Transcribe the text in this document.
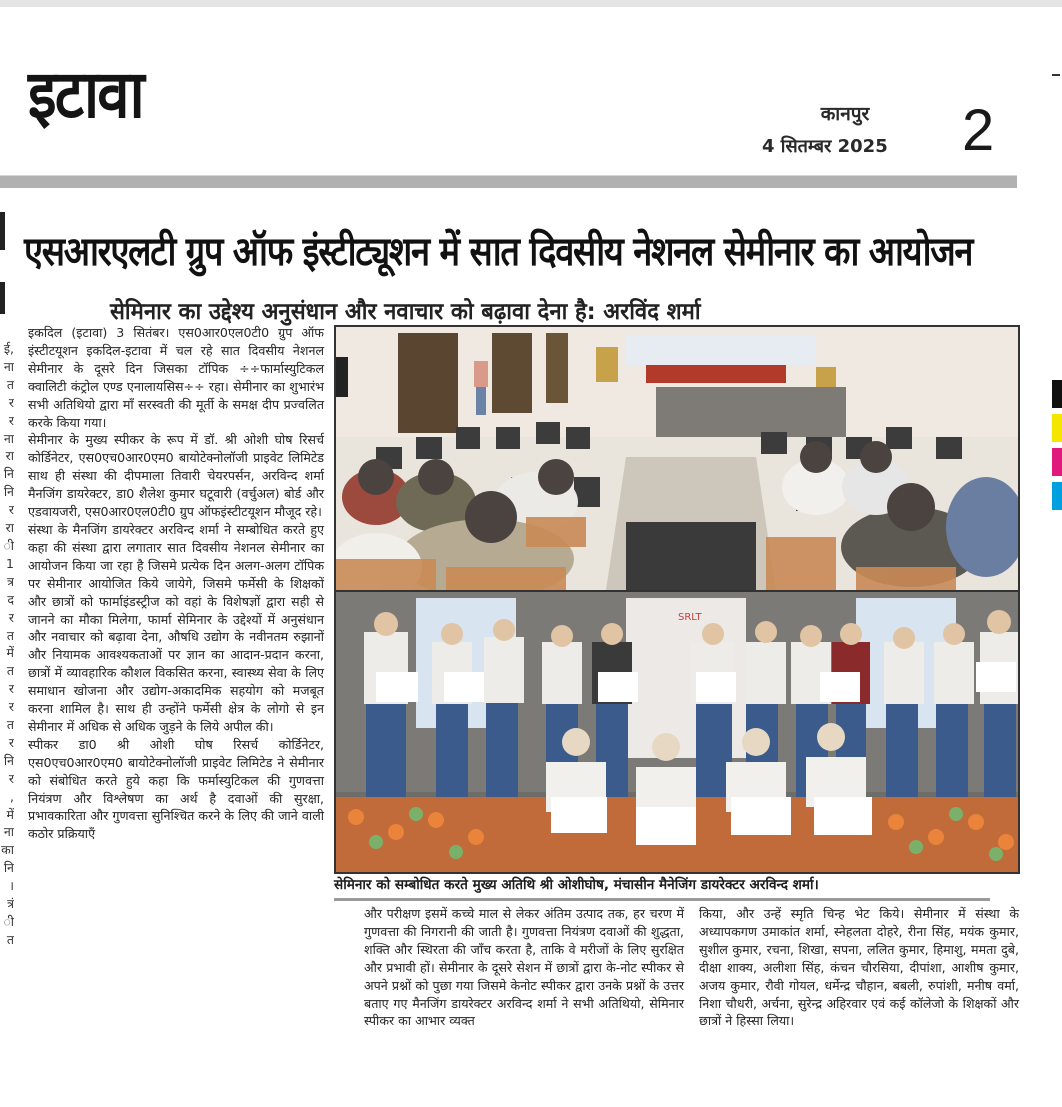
इटावा	कानपुर
4 सितम्बर 2025 2
ई,
ना
त
र
र
ना
रा
नि
नि
र
रा
ी
1
त्र
द
र
त
में
त
र
र
त
र
नि
र
,
में
ना
का
नि
।
त्रं
ी
त
एसआरएलटी ग्रुप ऑफ इंस्टीट्यूशन में सात दिवसीय नेशनल सेमीनार का आयोजन
सेमिनार का उद्देश्य अनुसंधान और नवाचार को बढ़ावा देना है: अरविंद शर्मा

इकदिल (इटावा) 3 सितंबर। एस0आर0एल0टी0 ग्रुप ऑफ इंस्टीटयूशन इकदिल-इटावा में चल रहे सात दिवसीय नेशनल सेमीनार के दूसरे दिन जिसका टॉपिक ÷÷फार्मास्युटिकल क्वालिटी कंट्रोल एण्ड एनालायसिस÷÷ रहा। सेमीनार का शुभारंभ सभी अतिथियो द्वारा माँ सरस्वती की मूर्ती के समक्ष दीप प्रज्वलित करके किया गया।

सेमीनार के मुख्य स्पीकर के रूप में डॉ. श्री ओशी घोष रिसर्च कोर्डिनेटर, एस0एच0आर0एम0 बायोटेक्नोलॉजी प्राइवेट लिमिटेड साथ ही संस्था की दीपमाला तिवारी चेयरपर्सन, अरविन्द शर्मा मैनजिंग डायरेक्टर, डा0 शैलेश कुमार घटूवारी (वर्चुअल) बोर्ड और एडवायजरी, एस0आर0एल0टी0 ग्रुप ऑफइंस्टीटयूशन मौजूद रहे।

संस्था के मैनजिंग डायरेक्टर अरविन्द शर्मा ने सम्बोधित करते हुए कहा की संस्था द्वारा लगातार सात दिवसीय नेशनल सेमीनार का आयोजन किया जा रहा है जिसमे प्रत्येक दिन अलग-अलग टॉपिक पर सेमीनार आयोजित किये जायेगे, जिसमे फर्मेसी के शिक्षकों और छात्रों को फार्माइंडस्ट्रीज को वहां के विशेषज्ञों द्वारा सही से जानने का मौका मिलेगा, फार्मा सेमिनार के उद्देश्यों में अनुसंधान और नवाचार को बढ़ावा देना, औषधि उद्योग के नवीनतम रुझानों और नियामक आवश्यकताओं पर ज्ञान का आदान-प्रदान करना, छात्रों में व्यावहारिक कौशल विकसित करना, स्वास्थ्य सेवा के लिए समाधान खोजना और उद्योग-अकादमिक सहयोग को मजबूत करना शामिल है। साथ ही उन्होंने फर्मेसी क्षेत्र के लोगो से इन सेमीनार में अधिक से अधिक जुड़ने के लिये अपील की।

स्पीकर डा0 श्री ओशी घोष रिसर्च कोर्डिनेटर, एस0एच0आर0एम0 बायोटेक्नोलॉजी प्राइवेट लिमिटेड ने सेमीनार को संबोधित करते हुये कहा कि फर्मास्युटिकल की गुणवत्ता नियंत्रण और विश्लेषण का अर्थ है दवाओं की सुरक्षा, प्रभावकारिता और गुणवत्ता सुनिश्चित करने के लिए की जाने वाली कठोर प्रक्रियाएँ

SRLT
सेमिनार को सम्बोधित करते मुख्य अतिथि श्री ओशीघोष, मंचासीन मैनेजिंग डायरेक्टर अरविन्द शर्मा।

और परीक्षण इसमें कच्चे माल से लेकर अंतिम उत्पाद तक, हर चरण में गुणवत्ता की निगरानी की जाती है। गुणवत्ता नियंत्रण दवाओं की शुद्धता, शक्ति और स्थिरता की जाँच करता है, ताकि वे मरीजों के लिए सुरक्षित और प्रभावी हों। सेमीनार के दूसरे सेशन में छात्रों द्वारा के-नोट स्पीकर से अपने प्रश्नों को पुछा गया जिसमे केनोट स्पीकर द्वारा उनके प्रश्नों के उत्तर बताए गए मैनजिंग डायरेक्टर अरविन्द शर्मा ने सभी अतिथियो, सेमिनार स्पीकर का आभार व्यक्त

किया, और उन्हें स्मृति चिन्ह भेट किये। सेमीनार में संस्था के अध्यापकगण उमाकांत शर्मा, स्नेहलता दोहरे, रीना सिंह, मयंक कुमार, सुशील कुमार, रचना, शिखा, सपना, ललित कुमार, हिमाशु, ममता दुबे, दीक्षा शाक्य, अलीशा सिंह, कंचन चौरसिया, दीपांशा, आशीष कुमार, अजय कुमार, रौवी गोयल, धर्मेन्द्र चौहान, बबली, रुपांशी, मनीष वर्मा, निशा चौधरी, अर्चना, सुरेन्द्र अहिरवार एवं कई कॉलेजो के शिक्षकों और छात्रों ने हिस्सा लिया।
